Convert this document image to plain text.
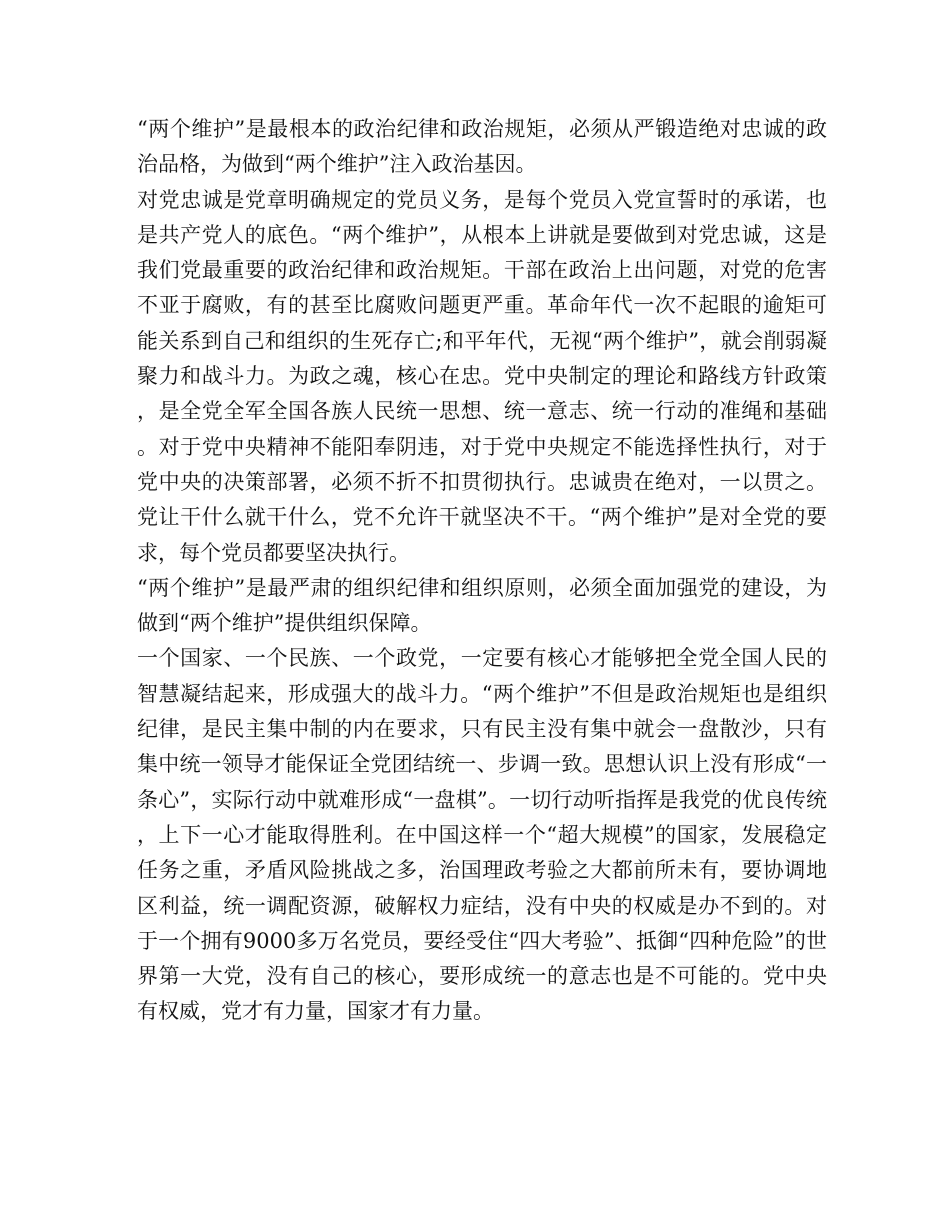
“两个维护”是最根本的政治纪律和政治规矩，必须从严锻造绝对忠诚的政治品格，为做到“两个维护”注入政治基因。

对党忠诚是党章明确规定的党员义务，是每个党员入党宣誓时的承诺，也是共产党人的底色。“两个维护”，从根本上讲就是要做到对党忠诚，这是我们党最重要的政治纪律和政治规矩。干部在政治上出问题，对党的危害不亚于腐败，有的甚至比腐败问题更严重。革命年代一次不起眼的逾矩可能关系到自己和组织的生死存亡;和平年代，无视“两个维护”，就会削弱凝聚力和战斗力。为政之魂，核心在忠。党中央制定的理论和路线方针政策，是全党全军全国各族人民统一思想、统一意志、统一行动的准绳和基础。对于党中央精神不能阳奉阴违，对于党中央规定不能选择性执行，对于党中央的决策部署，必须不折不扣贯彻执行。忠诚贵在绝对，一以贯之。党让干什么就干什么，党不允许干就坚决不干。“两个维护”是对全党的要求，每个党员都要坚决执行。

“两个维护”是最严肃的组织纪律和组织原则，必须全面加强党的建设，为做到“两个维护”提供组织保障。

一个国家、一个民族、一个政党，一定要有核心才能够把全党全国人民的智慧凝结起来，形成强大的战斗力。“两个维护”不但是政治规矩也是组织纪律，是民主集中制的内在要求，只有民主没有集中就会一盘散沙，只有集中统一领导才能保证全党团结统一、步调一致。思想认识上没有形成“一条心”，实际行动中就难形成“一盘棋”。一切行动听指挥是我党的优良传统，上下一心才能取得胜利。在中国这样一个“超大规模”的国家，发展稳定任务之重，矛盾风险挑战之多，治国理政考验之大都前所未有，要协调地区利益，统一调配资源，破解权力症结，没有中央的权威是办不到的。对于一个拥有9000多万名党员，要经受住“四大考验”、抵御“四种危险”的世界第一大党，没有自己的核心，要形成统一的意志也是不可能的。党中央有权威，党才有力量，国家才有力量。
